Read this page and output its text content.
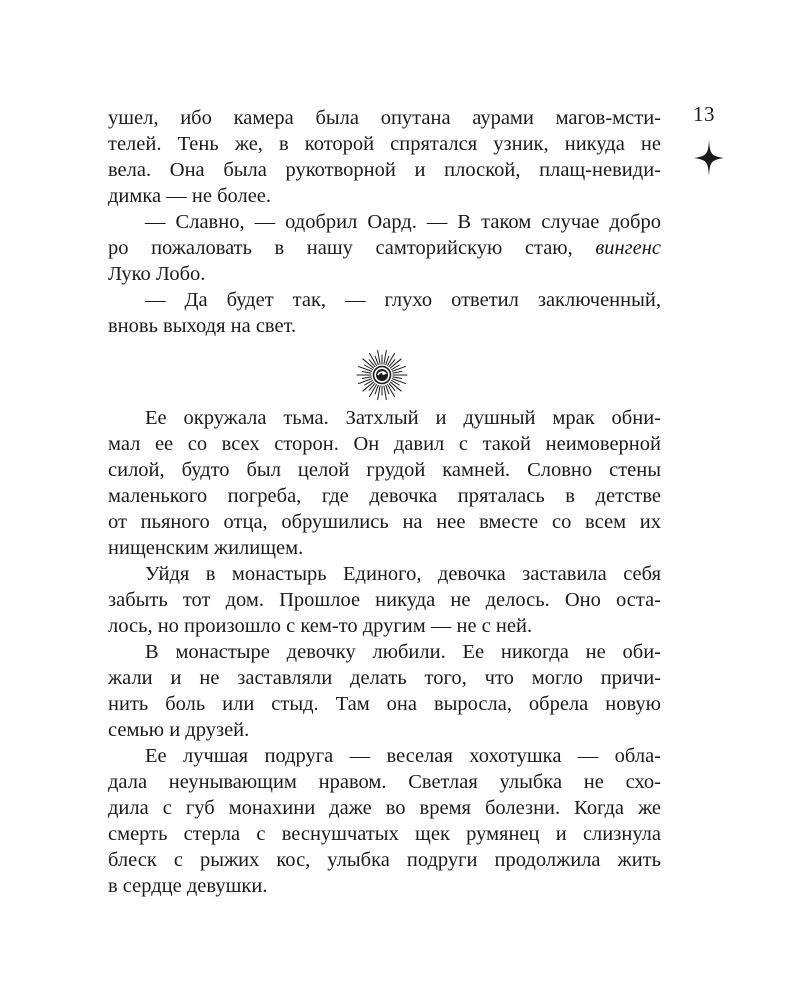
13

ушел, ибо камера была опутана аурами магов-мсти-

телей. Тень же, в которой спрятался узник, никуда не

вела. Она была рукотворной и плоской, плащ-невиди-

димка — не более.

— Славно, — одобрил Оард. — В таком случае добро

ро пожаловать в нашу самторийскую стаю, вингенс

Луко Лобо.

— Да будет так, — глухо ответил заключенный,

вновь выходя на свет.

Ее окружала тьма. Затхлый и душный мрак обни-

мал ее со всех сторон. Он давил с такой неимоверной

силой, будто был целой грудой камней. Словно стены

маленького погреба, где девочка пряталась в детстве

от пьяного отца, обрушились на нее вместе со всем их

нищенским жилищем.

Уйдя в монастырь Единого, девочка заставила себя

забыть тот дом. Прошлое никуда не делось. Оно оста-

лось, но произошло с кем-то другим — не с ней.

В монастыре девочку любили. Ее никогда не оби-

жали и не заставляли делать того, что могло причи-

нить боль или стыд. Там она выросла, обрела новую

семью и друзей.

Ее лучшая подруга — веселая хохотушка — обла-

дала неунывающим нравом. Светлая улыбка не схо-

дила с губ монахини даже во время болезни. Когда же

смерть стерла с веснушчатых щек румянец и слизнула

блеск с рыжих кос, улыбка подруги продолжила жить

в сердце девушки.
